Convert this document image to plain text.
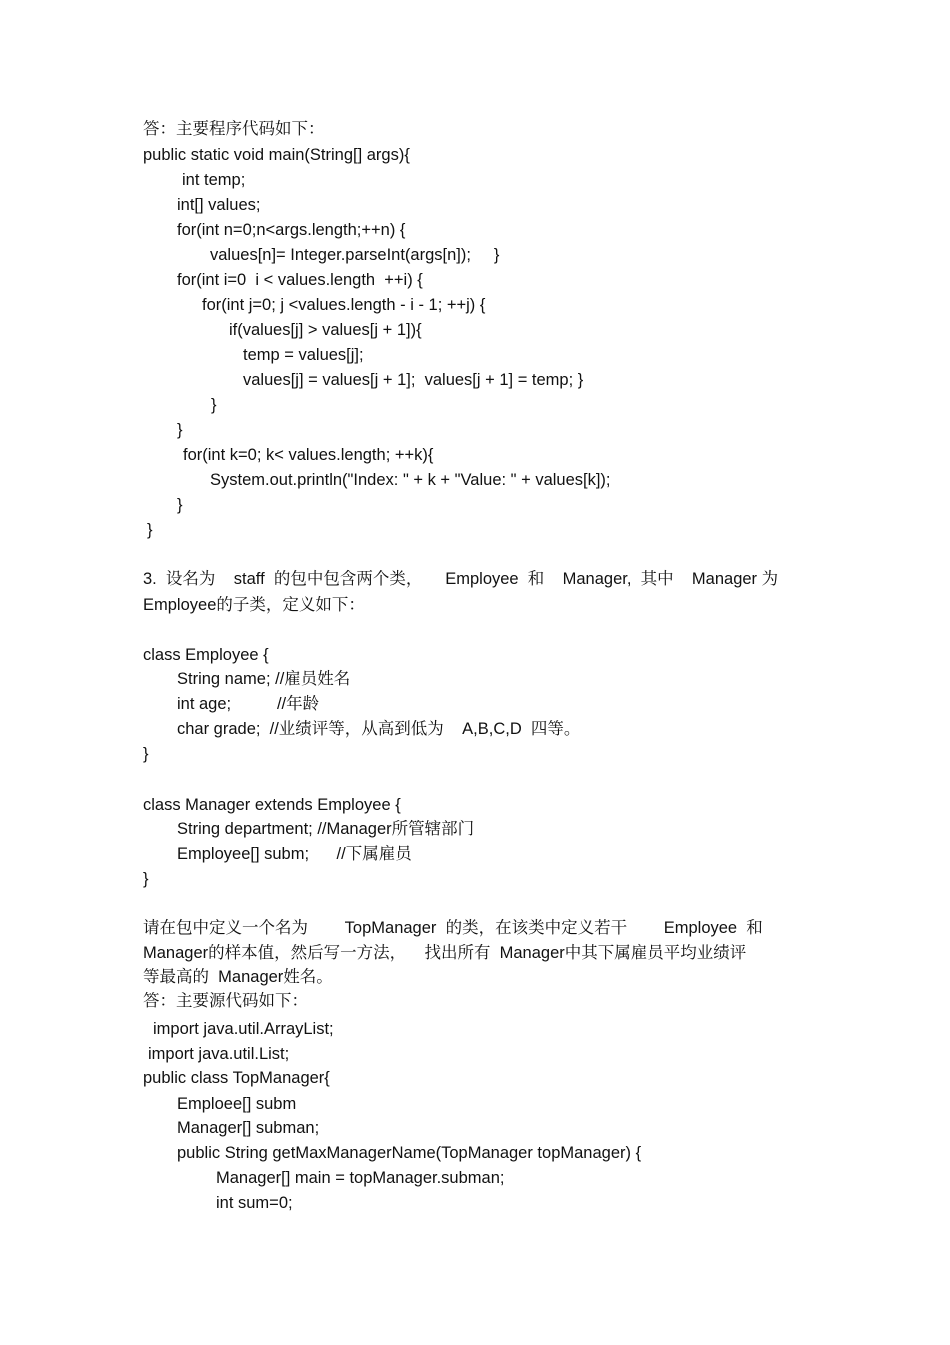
答：主要程序代码如下：
public static void main(String[] args){
int temp;
int[] values;
for(int n=0;n<args.length;++n) {
values[n]= Integer.parseInt(args[n]);     }
for(int i=0  i < values.length  ++i) {
for(int j=0; j <values.length - i - 1; ++j) {
if(values[j] > values[j + 1]){
temp = values[j];
values[j] = values[j + 1];  values[j + 1] = temp; }
}
}
for(int k=0; k< values.length; ++k){
System.out.println("Index: " + k + "Value: " + values[k]);
}
}
3.  设名为    staff  的包中包含两个类，     Employee  和    Manager,  其中    Manager 为
Employee的子类，定义如下：
class Employee {
String name; //雇员姓名
int age;          //年龄
char grade;  //业绩评等，从高到低为    A,B,C,D  四等。
}
class Manager extends Employee {
String department; //Manager所管辖部门
Employee[] subm;      //下属雇员
}
请在包中定义一个名为        TopManager  的类，在该类中定义若干        Employee  和
Manager的样本值，然后写一方法，    找出所有  Manager中其下属雇员平均业绩评
等最高的  Manager姓名。
答：主要源代码如下：
import java.util.ArrayList;
import java.util.List;
public class TopManager{
Emploee[] subm
Manager[] subman;
public String getMaxManagerName(TopManager topManager) {
Manager[] main = topManager.subman;
int sum=0;
